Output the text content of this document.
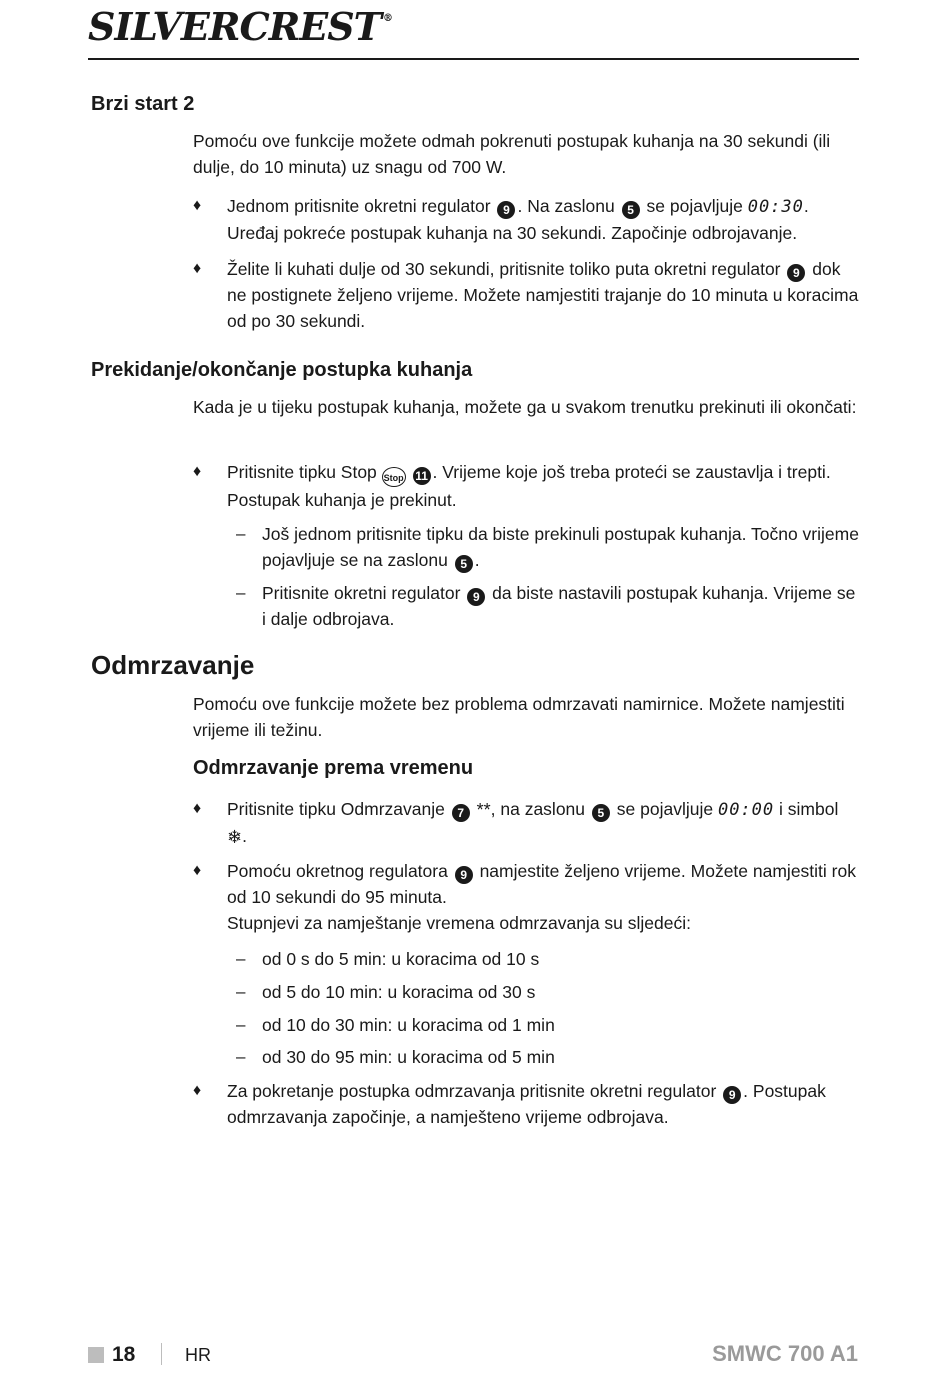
SILVERCREST ®
Brzi start 2
Pomoću ove funkcije možete odmah pokrenuti postupak kuhanja na 30 sekundi (ili dulje, do 10 minuta) uz snagu od 700 W.
♦ Jednom pritisnite okretni regulator 9 . Na zaslonu 5 se pojavljuje 00:30. Uređaj pokreće postupak kuhanja na 30 sekundi. Započinje odbrojavanje.
♦ Želite li kuhati dulje od 30 sekundi, pritisnite toliko puta okretni regulator 9 dok ne postignete željeno vrijeme. Možete namjestiti trajanje do 10 minuta u koracima od po 30 sekundi.
Prekidanje/okončanje postupka kuhanja
Kada je u tijeku postupak kuhanja, možete ga u svakom trenutku prekinuti ili okončati:
♦ Pritisnite tipku Stop Stop 11 . Vrijeme koje još treba proteći se zaustavlja i trepti. Postupak kuhanja je prekinut.
– Još jednom pritisnite tipku da biste prekinuli postupak kuhanja. Točno vrijeme pojavljuje se na zaslonu 5 .
– Pritisnite okretni regulator 9 da biste nastavili postupak kuhanja. Vrijeme se i dalje odbrojava.
Odmrzavanje
Pomoću ove funkcije možete bez problema odmrzavati namirnice. Možete namjestiti vrijeme ili težinu.
Odmrzavanje prema vremenu
♦ Pritisnite tipku Odmrzavanje 7 **, na zaslonu 5 se pojavljuje 00:00 i simbol ❄.
♦ Pomoću okretnog regulatora 9 namjestite željeno vrijeme. Možete namjestiti rok od 10 sekundi do 95 minuta.
Stupnjevi za namještanje vremena odmrzavanja su sljedeći:
– od 0 s do 5 min: u koracima od 10 s
– od 5 do 10 min: u koracima od 30 s
– od 10 do 30 min: u koracima od 1 min
– od 30 do 95 min: u koracima od 5 min
♦ Za pokretanje postupka odmrzavanja pritisnite okretni regulator 9 . Postupak odmrzavanja započinje, a namješteno vrijeme odbrojava.
18	HR	SMWC 700 A1
